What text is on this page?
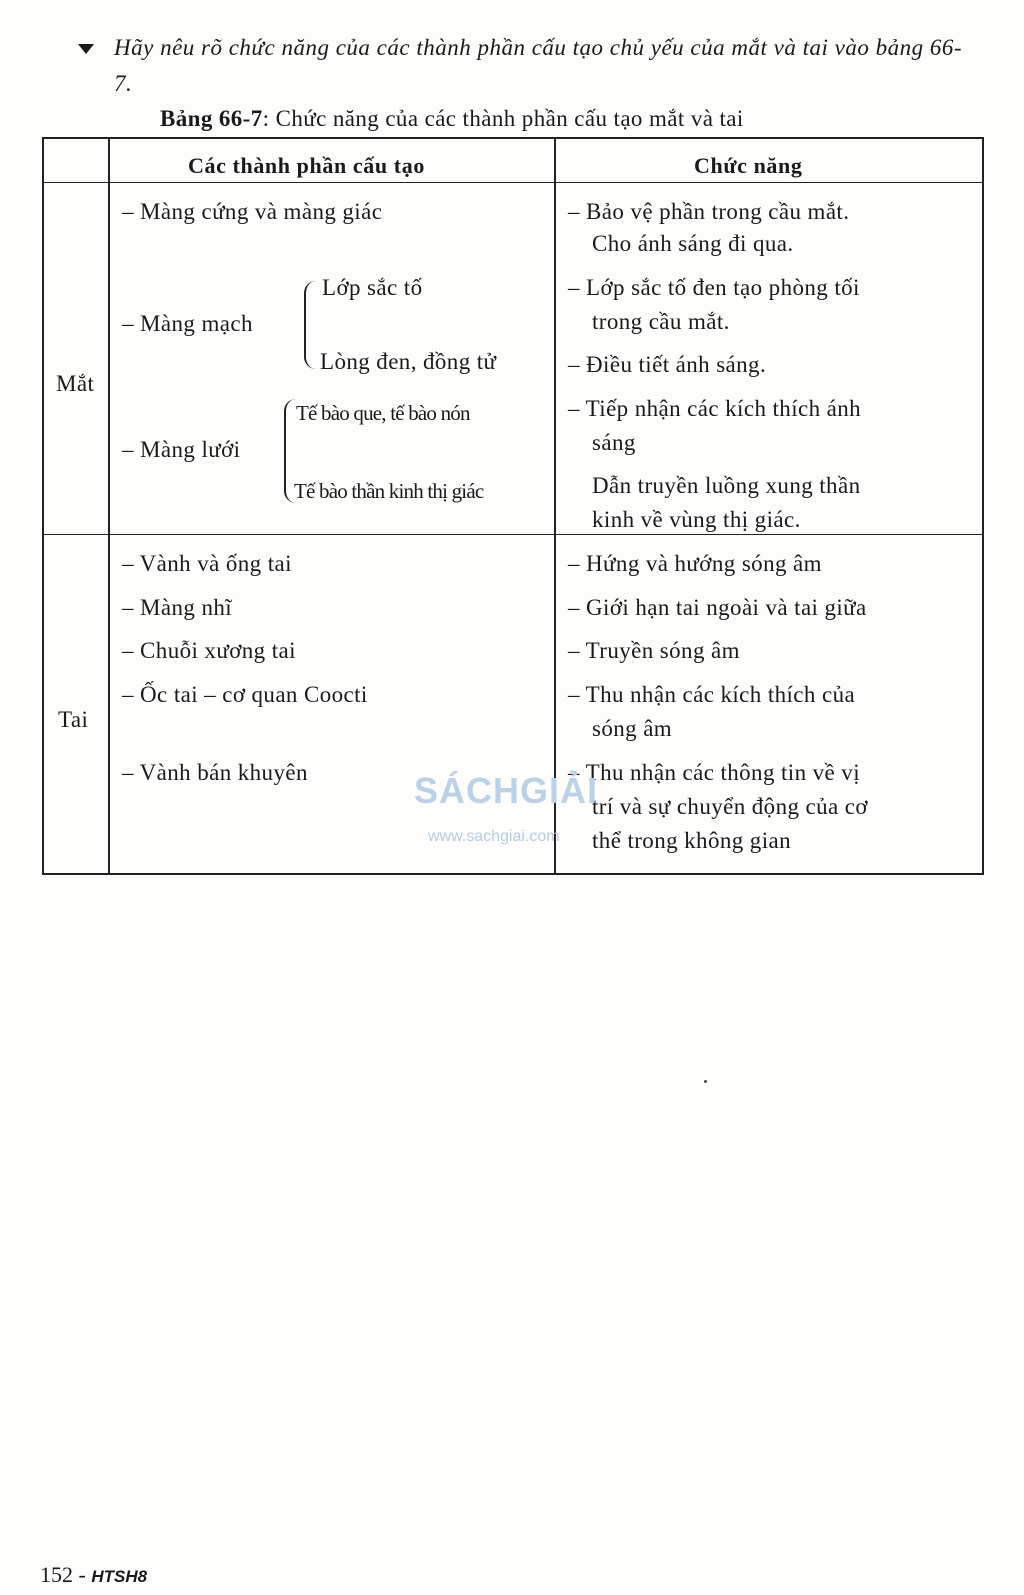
Hãy nêu rõ chức năng của các thành phần cấu tạo chủ yếu của mắt và tai vào bảng 66-7.
Bảng 66-7: Chức năng của các thành phần cấu tạo mắt và tai
Các thành phần cấu tạo	Chức năng
Mắt
– Màng cứng và màng giác
– Màng mạch
Lớp sắc tố
Lòng đen, đồng tử
– Màng lưới
Tế bào que, tế bào nón
Tế bào thần kinh thị giác
– Bảo vệ phần trong cầu mắt.
Cho ánh sáng đi qua.
– Lớp sắc tố đen tạo phòng tối
trong cầu mắt.
– Điều tiết ánh sáng.
– Tiếp nhận các kích thích ánh
sáng
Dẫn truyền luồng xung thần
kinh về vùng thị giác.
Tai
– Vành và ống tai
– Màng nhĩ
– Chuỗi xương tai
– Ốc tai – cơ quan Coocti
– Vành bán khuyên
– Hứng và hướng sóng âm
– Giới hạn tai ngoài và tai giữa
– Truyền sóng âm
– Thu nhận các kích thích của
sóng âm
– Thu nhận các thông tin về vị
trí và sự chuyển động của cơ
thể trong không gian
SÁCHGIẢI
www.sachgiai.com
152 - HTSH8
